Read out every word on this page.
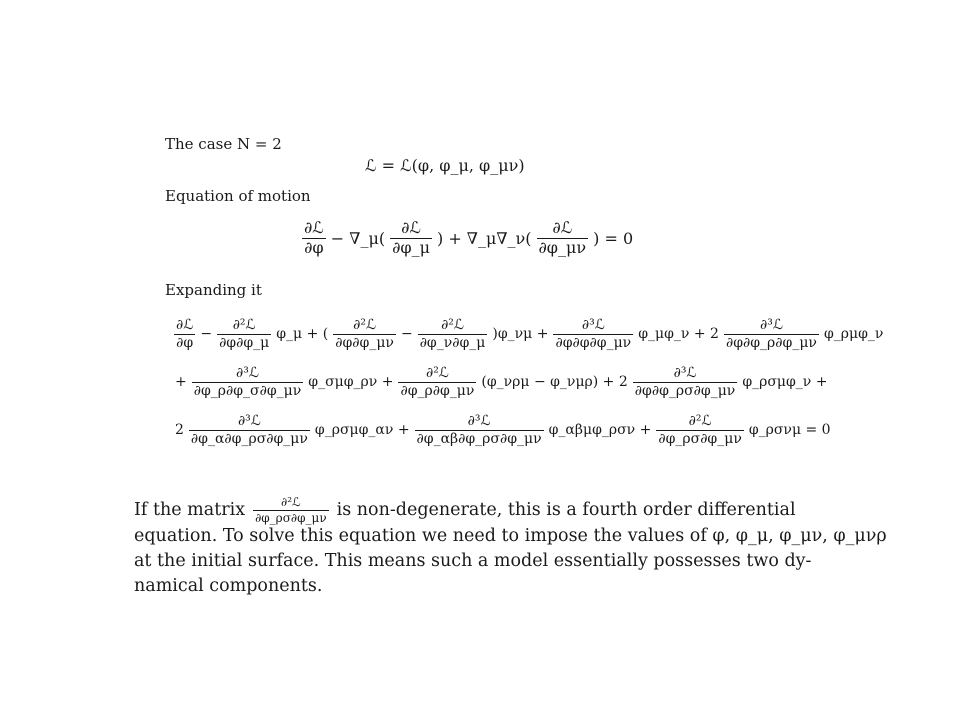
The case N = 2
Equation of motion
Expanding it
ℒ = ℒ(φ, φ_μ, φ_μν)
$\frac{\text{∂ℒ}}{\partial\varphi}$ − ∇_μ( $\frac{\text{∂ℒ}}{\partial\varphi\_\mu}$ ) + ∇_μ∇_ν( $\frac{\text{∂ℒ}}{\partial\varphi\_\mu\nu}$ ) = 0
$\frac{\text{∂ℒ}}{\partial\varphi} - \frac{\text{∂²ℒ}}{\partial\varphi\partial\varphi\_\mu}$ φ_μ + ( $\frac{\text{∂²ℒ}}{\partial\varphi\partial\varphi\_\mu\nu} - \frac{\text{∂²ℒ}}{\partial\varphi\_\nu\partial\varphi\_\mu}$ )φ_νμ + $\frac{\text{∂³ℒ}}{\partial\varphi\partial\varphi\partial\varphi\_\mu\nu}$ φ_μφ_ν + $2 \frac{\text{∂³ℒ}}{\partial\varphi\partial\varphi\_\rho\partial\varphi\_\mu\nu}$ φ_ρμφ_ν
+ $\frac{\text{∂³ℒ}}{\partial\varphi\_\rho\partial\varphi\_\sigma\partial\varphi\_\mu\nu}$ φ_σμφ_ρν + $\frac{\text{∂²ℒ}}{\partial\varphi\_\rho\partial\varphi\_\mu\nu}$ (φ_νρμ − φ_νμρ) + $2 \frac{\text{∂³ℒ}}{\partial\varphi\partial\varphi\_\rho\sigma\partial\varphi\_\mu\nu}$ φ_ρσμφ_ν +
$2 \frac{\text{∂³ℒ}}{\partial\varphi\_\alpha\partial\varphi\_\rho\sigma\partial\varphi\_\mu\nu}$ φ_ρσμφ_αν + $\frac{\text{∂³ℒ}}{\partial\varphi\_\alpha\beta\partial\varphi\_\rho\sigma\partial\varphi\_\mu\nu}$ φ_αβμφ_ρσν + $\frac{\text{∂²ℒ}}{\partial\varphi\_\rho\sigma\partial\varphi\_\mu\nu}$ φ_ρσνμ = 0
If the matrix $\frac{\text{∂²ℒ}}{\partial\varphi\_\rho\sigma\partial\varphi\_\mu\nu}$ is non-degenerate, this is a fourth order differential
equation. To solve this equation we need to impose the values of φ, φ_μ, φ_μν, φ_μνρ
at the initial surface. This means such a model essentially possesses two dy-
namical components.
